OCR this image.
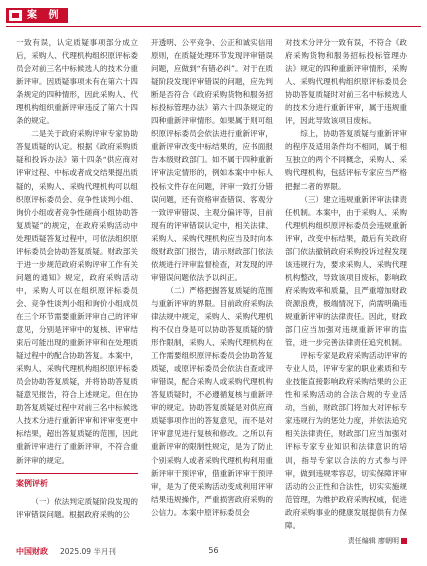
案 例

一致有误，认定质疑事项部分成立后，采购人、代理机构组织原评标委员会对前三名中标候选人的技术分重新评审。因质疑事项未有在第六十四条规定的四种情形，因此采购人、代理机构组织重新评审违反了第六十四条的规定。

二是关于政府采购评审专家协助答复质疑的认定。根据《政府采购质疑和投诉办法》第十四条“供应商对评审过程、中标或者成交结果提出质疑的，采购人、采购代理机构可以组织原评标委员会、竞争性谈判小组、询价小组或者竞争性磋商小组协助答复质疑”的规定，在政府采购活动中处理质疑答复过程中，可依法组织原评标委员会协助答复质疑。财政部关于进一步规范政府采购评审工作有关问题的通知》规定，政府采购活动中，采购人可以在组织原评标委员会、竞争性谈判小组和询价小组成员在三个环节需要重新评审自己的评审意见，分别是评审中的复核、评审结束后可能出现的重新评审和在处理质疑过程中的配合协助答复。本案中，采购人、采购代理机构组织原评标委员会协助答复质疑，并将协助答复质疑意见报告，符合上述规定。但在协助答复质疑过程中对前三名中标候选人技术分进行重新评审和评审变更中标结果，超出答复质疑的范围，因此重新评审进行了重新评审，不符合重新评审的规定。

案例评析

（一）依法判定质疑阶段发现的评审错误问题。根据政府采购的公

开透明、公平竞争、公正和诚实信用原则，在质疑处理环节发现评审错误问题，应做到“有错必纠”。对于在质疑阶段发现评审错误的问题，应先判断是否符合《政府采购货物和服务招标投标管理办法》第六十四条规定的四种重新评审情形。如果属于则可组织原评标委员会依法进行重新评审，重新评审改变中标结果的，应书面报告本级财政部门。如不属于四种重新评审法定情形的，例如本案中中标人投标文件存在问题，评审一致打分错误问题，还有资格审查错误、客观分一致评审错误、主观分偏评等，目前现有的评审错误认定中，相关法律、采购人、采购代理机构应当及时向本级财政部门报告，请示财政部门依法依规进行评审监督检查，对发现的评审错误问题依法予以纠正。

（二）严格把握答复质疑的范围与重新评审的界限。目前政府采购法律法规中规定，采购人、采购代理机构不仅自身是可以协助答复质疑的情形作限制，采购人、采购代理机构在工作需要组织原评标委员会协助答复质疑，或原评标委员会依法自查或评审错误，配合采购人或采购代理机构答复质疑时，不必遵循复核与重新评审的规定。协助答复质疑是对供应商质疑事项作出的答复意见，而不是对评审意见进行复核和修改。之所以有重新评审的限制性规定，是为了防止个别采购人或者采购代理机构利用重新评审干预评审，借重新评审干预评审，是为了使采购活动变成利用评审结果违规操作，严重损害政府采购的公信力。本案中原评标委员会

对技术分评分一致有误，不符合《政府采购货物和服务招标投标管理办法》规定的四种重新评审情形，采购人、采购代理机构组织原评标委员会协助答复质疑时对前三名中标候选人的技术分进行重新评审，属于违规重评，因此导致该项目废标。

综上，协助答复质疑与重新评审的程序及适用条件均不相同，属于相互独立的两个不同概念，采购人、采购代理机构，包括评标专家应当严格把握二者的界限。

（三）建立违规重新评审法律责任机制。本案中，由于采购人、采购代理机构组织原评标委员会违规重新评审，改变中标结果，最后有关政府部门依法撤销政府采购投诉过程发现该违规行为，要求采购人、采购代理机构整改，导致该项目废标，影响政府采购效率和质量，且严重增加财政资源浪费，极端情况下，尚需明确违规重新评审的法律责任。因此，财政部门应当加强对违规重新评审的监管，进一步完善法律责任追究机制。

评标专家是政府采购活动评审的专业人员，评审专家的职业素质和专业技能直接影响政府采购结果的公正性和采购活动的合法合规的专业活动，当前，财政部门将加大对评标专家违规行为的惩处力度，并依法追究相关法律责任，财政部门应当加强对评标专家专业知识和法律意识的培训，指导专家以合法的方式参与评审，做到违规零容忍，切实保障评审活动的公正性和合法性，切实实施规范管理，为维护政府采购权威，促进政府采购事业的健康发展提供有力保障。

责任编辑 廖朝明
中国财政 2025.09 半月刊	56
